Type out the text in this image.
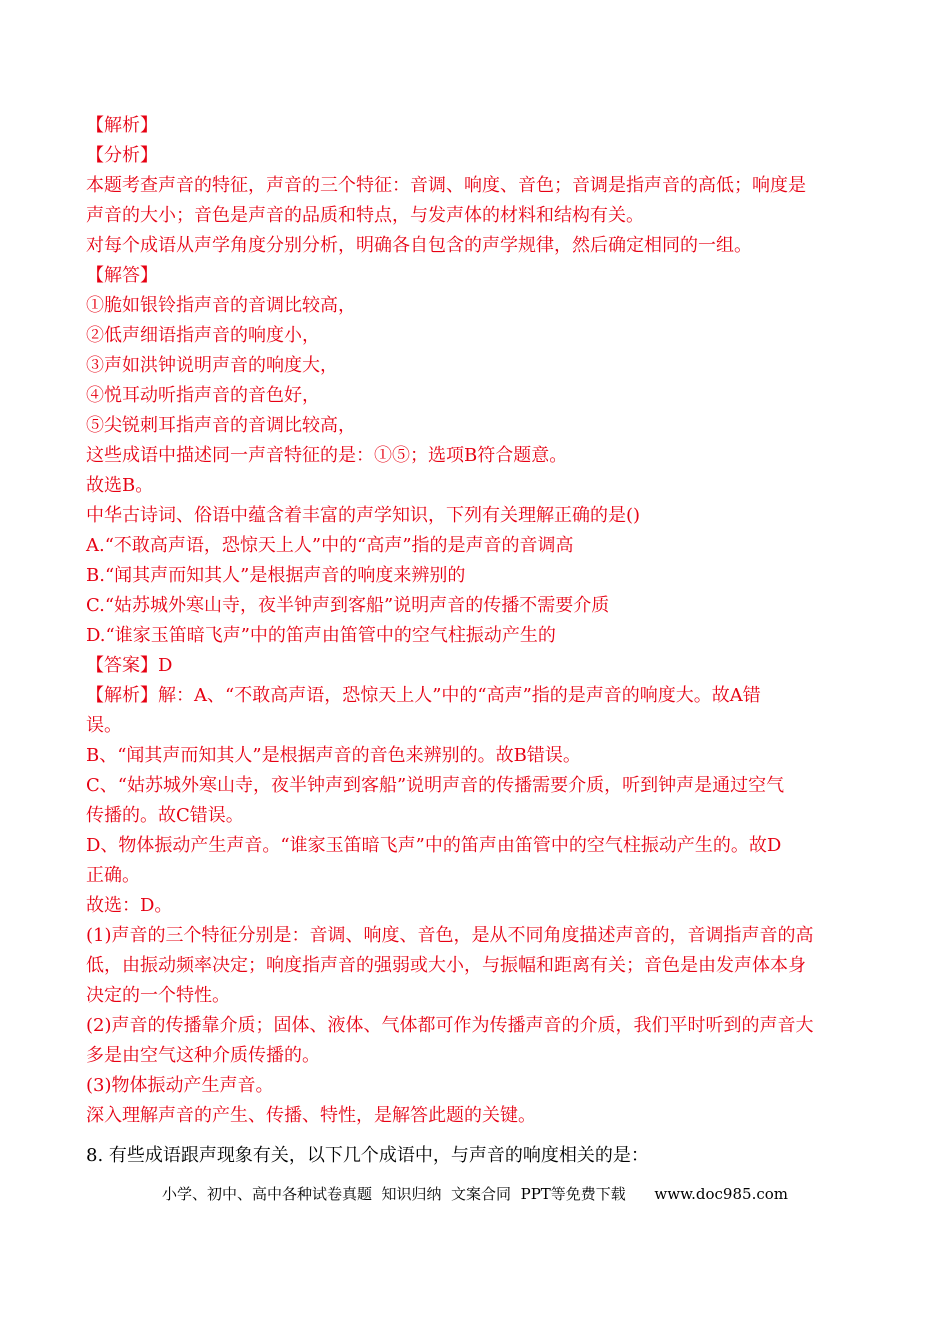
【解析】
【分析】
本题考查声音的特征，声音的三个特征：音调、响度、音色；音调是指声音的高低；响度是
声音的大小；音色是声音的品质和特点，与发声体的材料和结构有关。
对每个成语从声学角度分别分析，明确各自包含的声学规律，然后确定相同的一组。
【解答】
①脆如银铃指声音的音调比较高，
②低声细语指声音的响度小，
③声如洪钟说明声音的响度大，
④悦耳动听指声音的音色好，
⑤尖锐刺耳指声音的音调比较高，
这些成语中描述同一声音特征的是：①⑤；选项B符合题意。
故选B。
中华古诗词、俗语中蕴含着丰富的声学知识，下列有关理解正确的是()
A.“不敢高声语，恐惊天上人”中的“高声”指的是声音的音调高
B.“闻其声而知其人”是根据声音的响度来辨别的
C.“姑苏城外寒山寺，夜半钟声到客船”说明声音的传播不需要介质
D.“谁家玉笛暗飞声”中的笛声由笛管中的空气柱振动产生的
【答案】D
【解析】解：A、“不敢高声语，恐惊天上人”中的“高声”指的是声音的响度大。故A错
误。
B、“闻其声而知其人”是根据声音的音色来辨别的。故B错误。
C、“姑苏城外寒山寺，夜半钟声到客船”说明声音的传播需要介质，听到钟声是通过空气
传播的。故C错误。
D、物体振动产生声音。“谁家玉笛暗飞声”中的笛声由笛管中的空气柱振动产生的。故D
正确。
故选：D。
(1)声音的三个特征分别是：音调、响度、音色，是从不同角度描述声音的，音调指声音的高
低，由振动频率决定；响度指声音的强弱或大小，与振幅和距离有关；音色是由发声体本身
决定的一个特性。
(2)声音的传播靠介质；固体、液体、气体都可作为传播声音的介质，我们平时听到的声音大
多是由空气这种介质传播的。
(3)物体振动产生声音。
深入理解声音的产生、传播、特性，是解答此题的关键。
8. 有些成语跟声现象有关，以下几个成语中，与声音的响度相关的是：
小学、初中、高中各种试卷真题  知识归纳  文案合同  PPT等免费下载      www.doc985.com
